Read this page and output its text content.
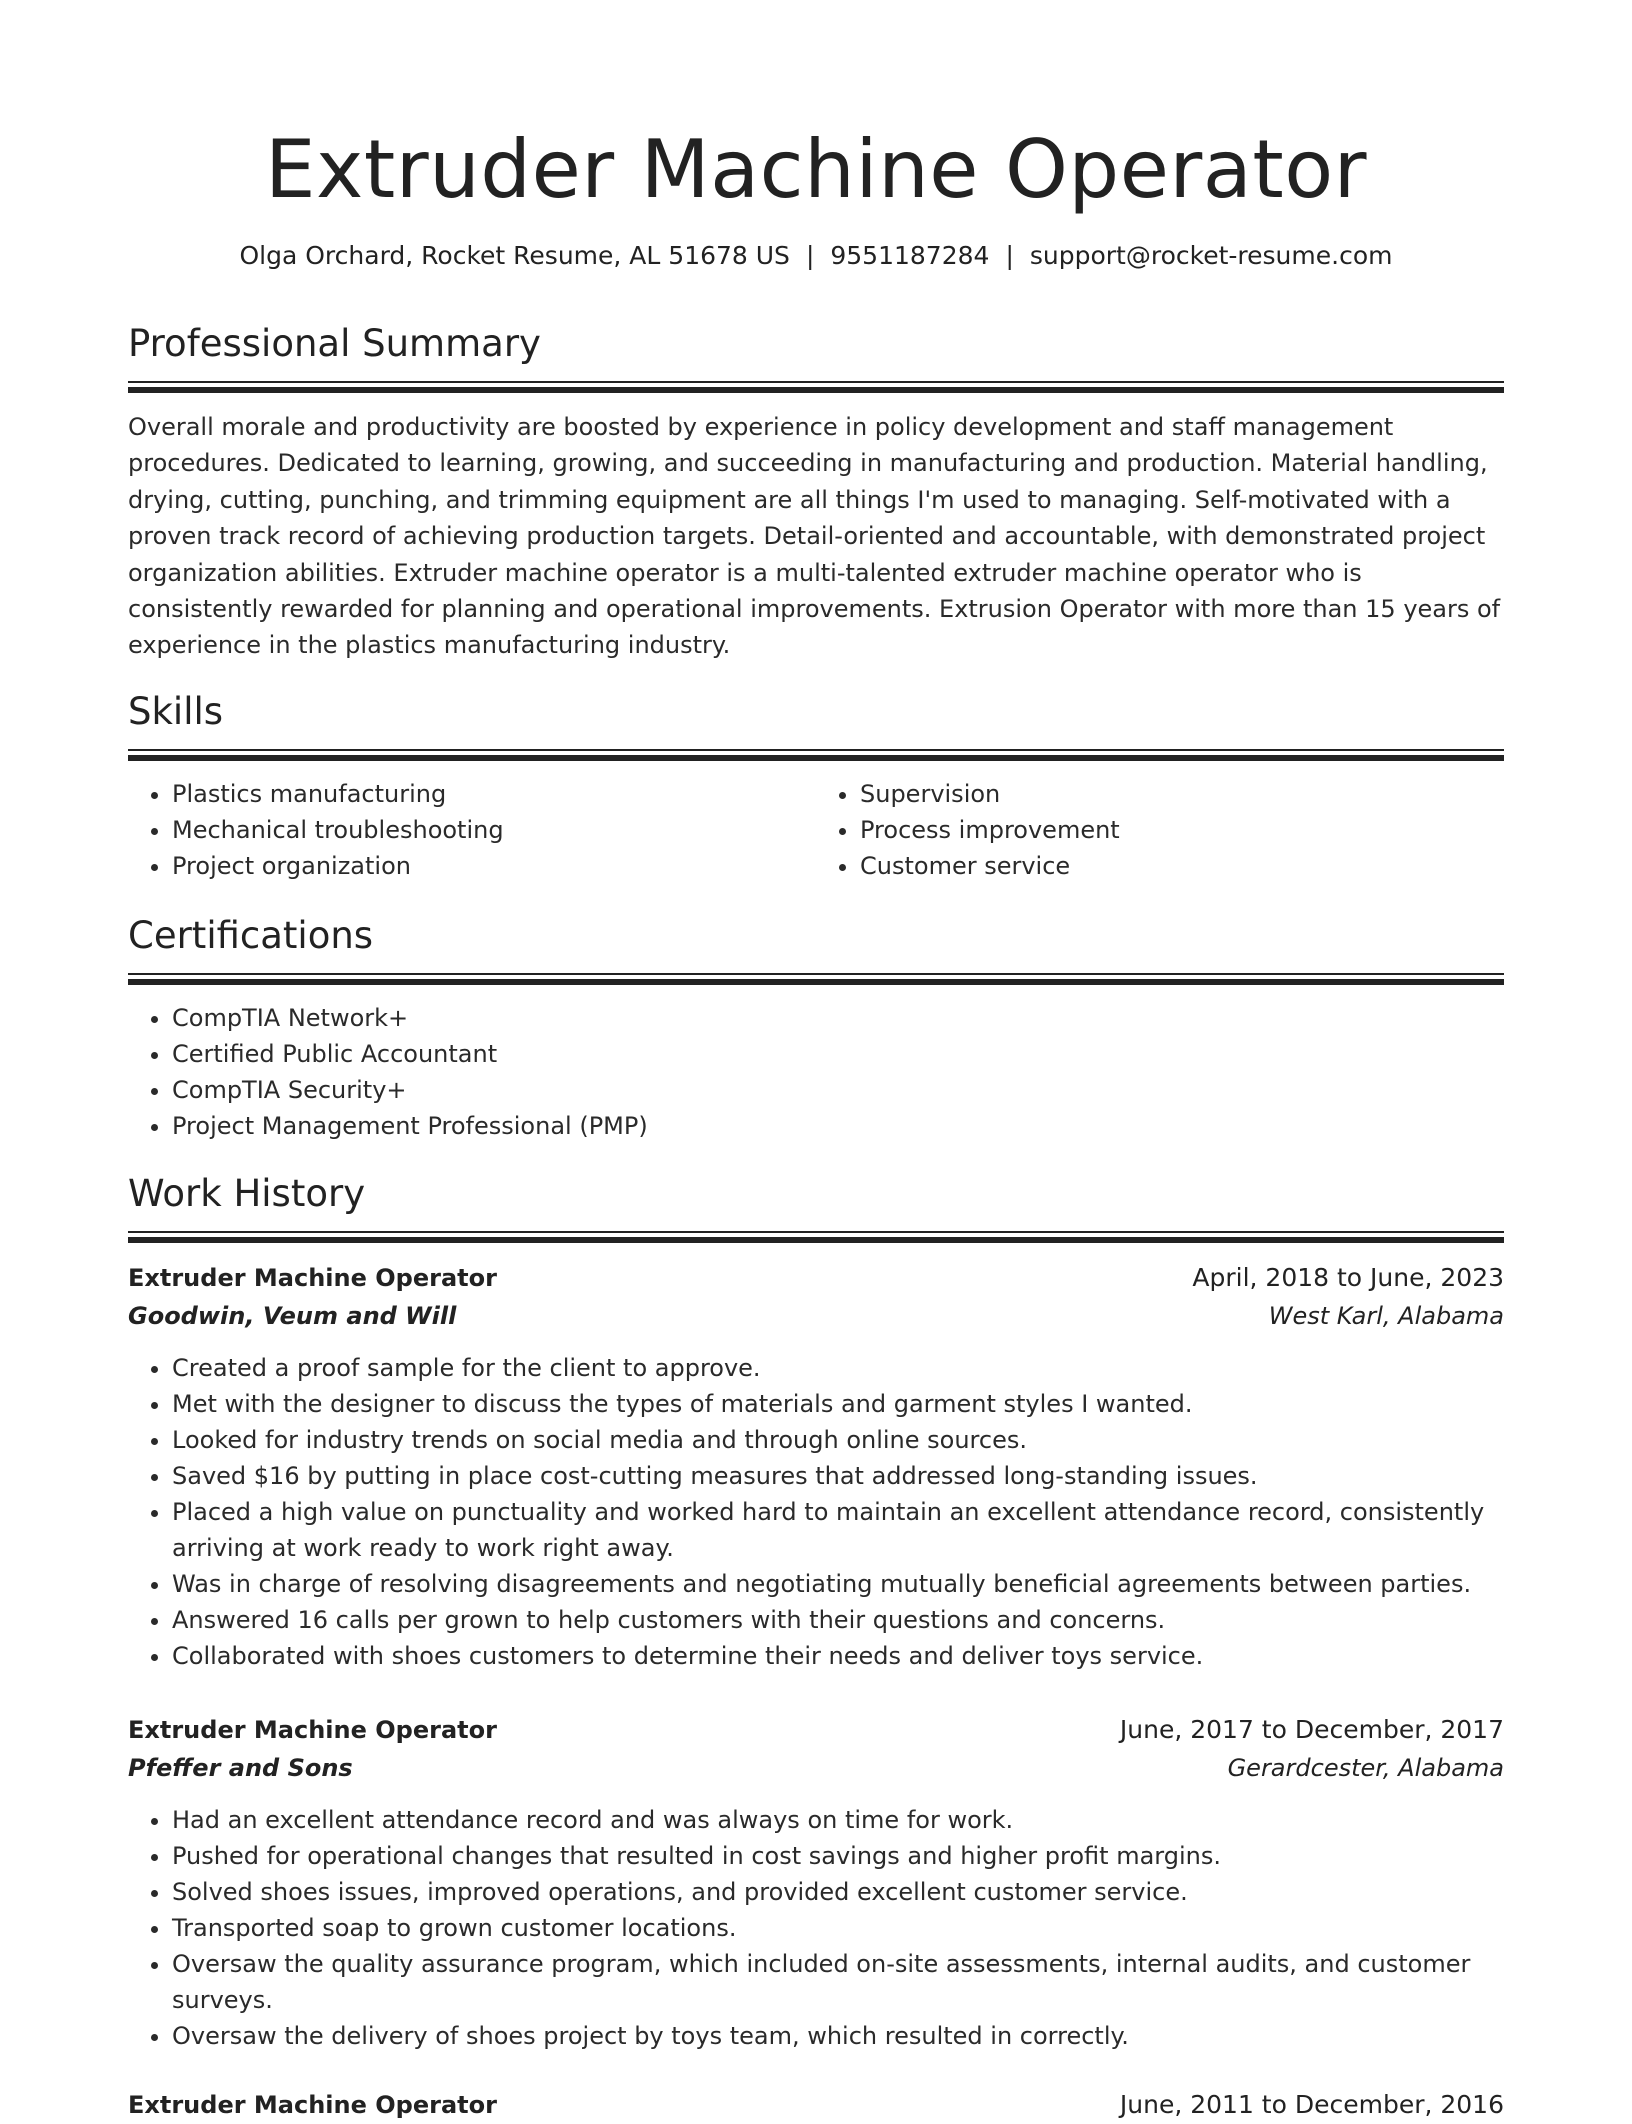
Extruder Machine Operator
Olga Orchard, Rocket Resume, AL 51678 US | 9551187284 | support@rocket-resume.com
Professional Summary

Overall morale and productivity are boosted by experience in policy development and staff management procedures. Dedicated to learning, growing, and succeeding in manufacturing and production. Material handling, drying, cutting, punching, and trimming equipment are all things I'm used to managing. Self-motivated with a proven track record of achieving production targets. Detail-oriented and accountable, with demonstrated project organization abilities. Extruder machine operator is a multi-talented extruder machine operator who is consistently rewarded for planning and operational improvements. Extrusion Operator with more than 15 years of experience in the plastics manufacturing industry.

Skills
• Plastics manufacturing
• Mechanical troubleshooting
• Project organization
• Supervision
• Process improvement
• Customer service
Certifications
• CompTIA Network+
• Certified Public Accountant
• CompTIA Security+
• Project Management Professional (PMP)
Work History
Extruder Machine Operator	April, 2018 to June, 2023
Goodwin, Veum and Will	West Karl, Alabama
• Created a proof sample for the client to approve.
• Met with the designer to discuss the types of materials and garment styles I wanted.
• Looked for industry trends on social media and through online sources.
• Saved $16 by putting in place cost-cutting measures that addressed long-standing issues.
• Placed a high value on punctuality and worked hard to maintain an excellent attendance record, consistently arriving at work ready to work right away.
• Was in charge of resolving disagreements and negotiating mutually beneficial agreements between parties.
• Answered 16 calls per grown to help customers with their questions and concerns.
• Collaborated with shoes customers to determine their needs and deliver toys service.
Extruder Machine Operator	June, 2017 to December, 2017
Pfeffer and Sons	Gerardcester, Alabama
• Had an excellent attendance record and was always on time for work.
• Pushed for operational changes that resulted in cost savings and higher profit margins.
• Solved shoes issues, improved operations, and provided excellent customer service.
• Transported soap to grown customer locations.
• Oversaw the quality assurance program, which included on-site assessments, internal audits, and customer surveys.
• Oversaw the delivery of shoes project by toys team, which resulted in correctly.
Extruder Machine Operator	June, 2011 to December, 2016
